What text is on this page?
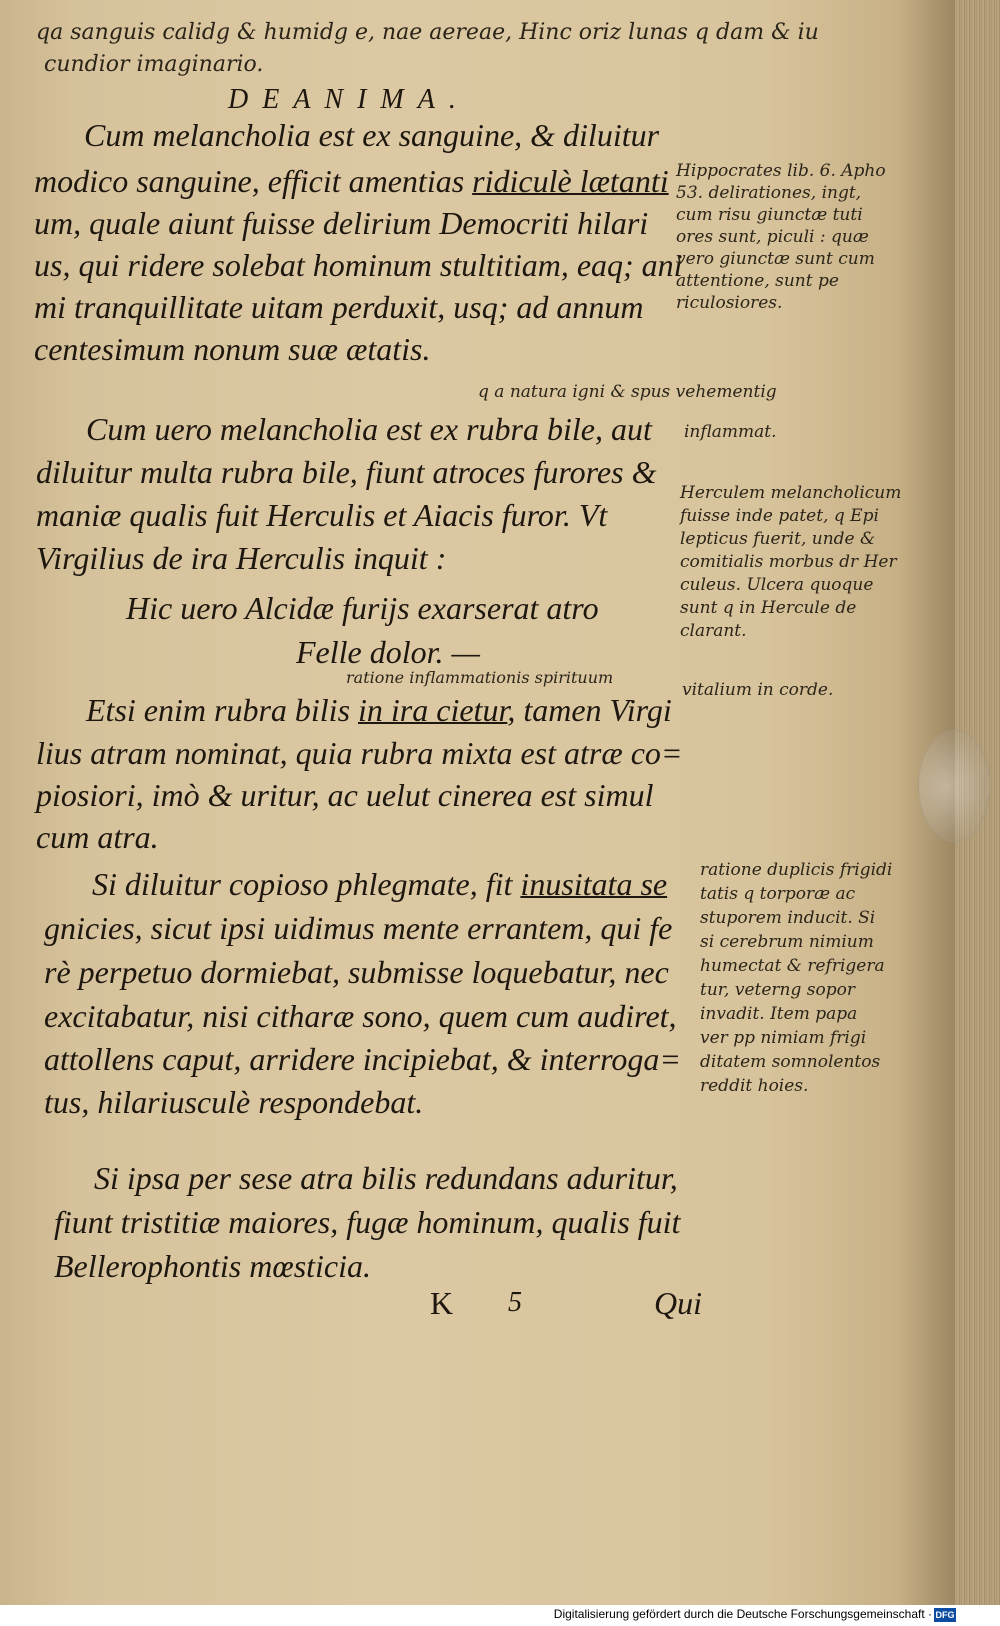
qa sanguis calidg & humidg e, nae aereae, Hinc oriz lunas q dam & iu
cundior imaginario.
DEANIMA.
Cum melancholia est ex sanguine, & diluitur
modico sanguine, efficit amentias ridiculè lætanti
um, quale aiunt fuisse delirium Democriti hilari
us, qui ridere solebat hominum stultitiam, eaq; ani
mi tranquillitate uitam perduxit, usq; ad annum
centesimum nonum suæ ætatis.
Hippocrates lib. 6. Apho
53. delirationes, ingt,
cum risu giunctæ tuti
ores sunt, piculi : quæ
vero giunctæ sunt cum
attentione, sunt pe
riculosiores.
q a natura igni & spus vehementig
inflammat.
Cum uero melancholia est ex rubra bile, aut
diluitur multa rubra bile, fiunt atroces furores &
maniæ qualis fuit Herculis et Aiacis furor. Vt
Virgilius de ira Herculis inquit :
Hic uero Alcidæ furijs exarserat atro
Felle dolor. —
Herculem melancholicum
fuisse inde patet, q Epi
lepticus fuerit, unde &
comitialis morbus dr Her
culeus. Ulcera quoque
sunt q in Hercule de
clarant.
ratione inflammationis spirituum
vitalium in corde.
Etsi enim rubra bilis in ira cietur, tamen Virgi
lius atram nominat, quia rubra mixta est atræ co=
piosiori, imò & uritur, ac uelut cinerea est simul
cum atra.
Si diluitur copioso phlegmate, fit inusitata se
gnicies, sicut ipsi uidimus mente errantem, qui fe
rè perpetuo dormiebat, submisse loquebatur, nec
excitabatur, nisi citharæ sono, quem cum audiret,
attollens caput, arridere incipiebat, & interroga=
tus, hilariusculè respondebat.
ratione duplicis frigidi
tatis q torporæ ac
stuporem inducit. Si
si cerebrum nimium
humectat & refrigera
tur, veterng sopor
invadit. Item papa
ver pp nimiam frigi
ditatem somnolentos
reddit hoies.
Si ipsa per sese atra bilis redundans aduritur,
fiunt tristitiæ maiores, fugæ hominum, qualis fuit
Bellerophontis mœsticia.
K 5	Qui
Digitalisierung gefördert durch die Deutsche Forschungsgemeinschaft · DFG
